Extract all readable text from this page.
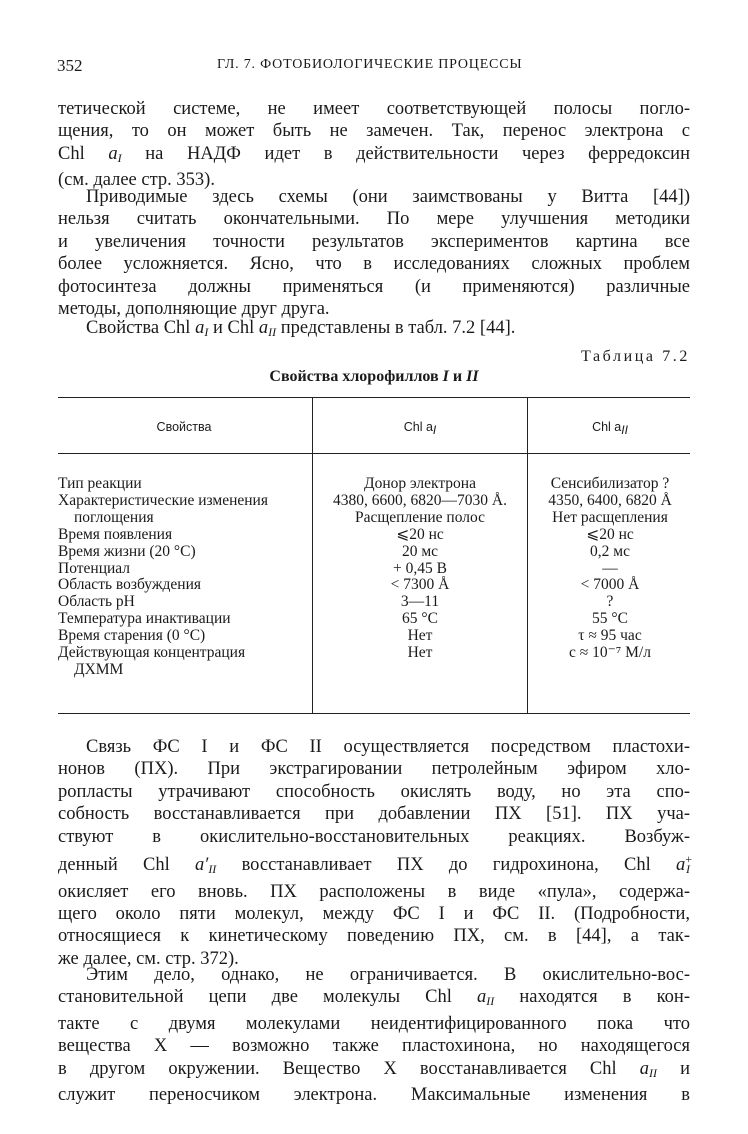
352	ГЛ. 7. ФОТОБИОЛОГИЧЕСКИЕ ПРОЦЕССЫ
тетической системе, не имеет соответствующей полосы погло-
щения, то он может быть не замечен. Так, перенос электрона с
Chl $a_I$ на НАДФ идет в действительности через ферредоксин
(см. далее стр. 353).
Приводимые здесь схемы (они заимствованы у Витта [44])
нельзя считать окончательными. По мере улучшения методики
и увеличения точности результатов экспериментов картина все
более усложняется. Ясно, что в исследованиях сложных проблем
фотосинтеза должны применяться (и применяются) различные
методы, дополняющие друг друга.
Свойства Chl $a_I$ и Chl $a_{II}$ представлены в табл. 7.2 [44].
Таблица 7.2
Свойства хлорофиллов I и II
Свойства	Chl aI	Chl aII
Тип реакции	Донор электрона	Сенсибилизатор ?
Характеристические изменения	4380, 6600, 6820—7030 Å.	4350, 6400, 6820 Å
поглощения	Расщепление полос	Нет расщепления
Время появления	⩽20 нс	⩽20 нс
Время жизни (20 °С)	20 мс	0,2 мс
Потенциал	+ 0,45 В	—
Область возбуждения	< 7300 Å	< 7000 Å
Область pH	3—11	?
Температура инактивации	65 °С	55 °С
Время старения (0 °С)	Нет	τ ≈ 95 час
Действующая концентрация	Нет	c ≈ 10⁻⁷ М/л
ДХММ
Связь ФС I и ФС II осуществляется посредством пластохи-
нонов (ПХ). При экстрагировании петролейным эфиром хло-
ропласты утрачивают способность окислять воду, но эта спо-
собность восстанавливается при добавлении ПХ [51]. ПХ уча-
ствуют в окислительно-восстановительных реакциях. Возбуж-
денный Chl $a'_{II}$ восстанавливает ПХ до гидрохинона, Chl $a^+_I$
окисляет его вновь. ПХ расположены в виде «пула», содержа-
щего около пяти молекул, между ФС I и ФС II. (Подробности,
относящиеся к кинетическому поведению ПХ, см. в [44], а так-
же далее, см. стр. 372).
Этим дело, однако, не ограничивается. В окислительно-вос-
становительной цепи две молекулы Chl $a_{II}$ находятся в кон-
такте с двумя молекулами неидентифицированного пока что
вещества X — возможно также пластохинона, но находящегося
в другом окружении. Вещество X восстанавливается Chl $a_{II}$ и
служит переносчиком электрона. Максимальные изменения в
